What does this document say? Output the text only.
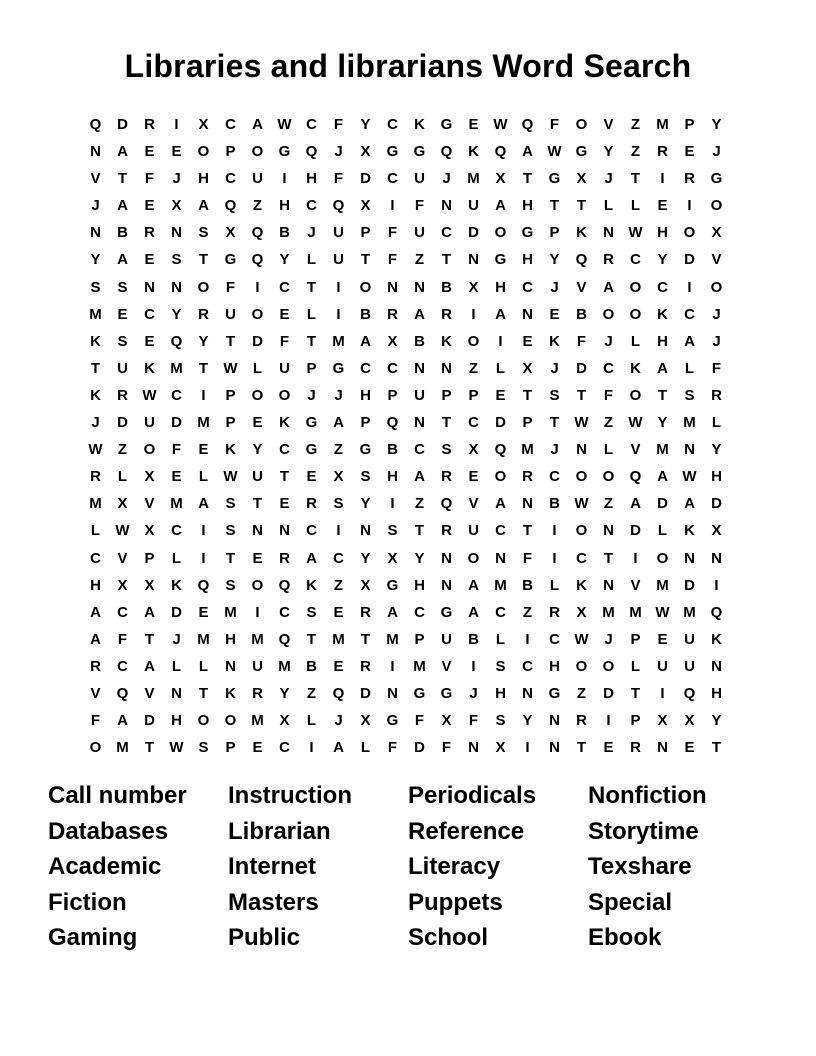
Libraries and librarians Word Search
Q	D	R	I	X	C	A W C	F	Y	C	K	G	E W Q	F	O	V	Z	M	P	Y
N	A	E	E	O	P	O	G	Q	J	X	G	G	Q	K	Q	A W G	Y	Z	R	E	J
V	T	F	J	H	C	U	I	H	F	D	C	U	J	M	X	T	G	X	J	T	I	R	G
J	A	E	X	A	Q	Z	H	C	Q	X	I	F	N	U	A	H	T	T	L	L	E	I	O
N	B	R	N	S	X	Q	B	J	U	P	F	U	C	D	O	G	P	K	N W H	O	X
Y	A	E	S	T	G	Q	Y	L	U	T	F	Z	T	N	G	H	Y	Q	R	C	Y	D	V
S	S	N	N	O	F	I	C	T	I	O	N	N	B	X	H	C	J	V	A	O	C	I	O
M	E	C	Y	R	U	O	E	L	I	B	R	A	R	I	A	N	E	B	O	O	K	C	J
K	S	E	Q	Y	T	D	F	T	M	A	X	B	K	O	I	E	K	F	J	L	H	A	J
T	U	K	M	T	W	L	U	P	G	C	C	N	N	Z	L	X	J	D	C	K	A	L	F
K	R W C	I	P	O	O	J	J	H	P	U	P	P	E	T	S	T	F	O	T	S	R
J	D	U	D	M	P	E	K	G	A	P	Q	N	T	C	D	P	T	W	Z	W Y	M	L
W	Z	O	F	E	K	Y	C	G	Z	G	B	C	S	X	Q M	J	N	L	V	M	N	Y
R	L	X	E	L	W U	T	E	X	S	H	A	R	E	O	R	C	O	O	Q	A W H
M	X	V	M	A	S	T	E	R	S	Y	I	Z	Q	V	A	N	B W	Z	A	D	A	D
L	W X	C	I	S	N	N	C	I	N	S	T	R	U	C	T	I	O	N	D	L	K	X
C	V	P	L	I	T	E	R	A	C	Y	X	Y	N	O	N	F	I	C	T	I	O	N	N
H	X	X	K	Q	S	O	Q	K	Z	X	G	H	N	A	M	B	L	K	N	V	M	D	I
A	C	A	D	E	M	I	C	S	E	R	A	C	G	A	C	Z	R	X	M M W M Q
A	F	T	J	M	H	M Q	T	M	T	M	P	U	B	L	I	C W	J	P	E	U	K
R	C	A	L	L	N	U	M	B	E	R	I	M	V	I	S	C	H	O	O	L	U	U	N
V	Q	V	N	T	K	R	Y	Z	Q	D	N	G	G	J	H	N	G	Z	D	T	I	Q	H
F	A	D	H	O	O M	X	L	J	X	G	F	X	F	S	Y	N	R	I	P	X	X	Y
O M	T	W S	P	E	C	I	A	L	F	D	F	N	X	I	N	T	E	R	N	E	T
Call number	Instruction	Periodicals	Nonfiction
Databases	Librarian	Reference	Storytime
Academic	Internet	Literacy	Texshare
Fiction	Masters	Puppets	Special
Gaming	Public	School	Ebook
